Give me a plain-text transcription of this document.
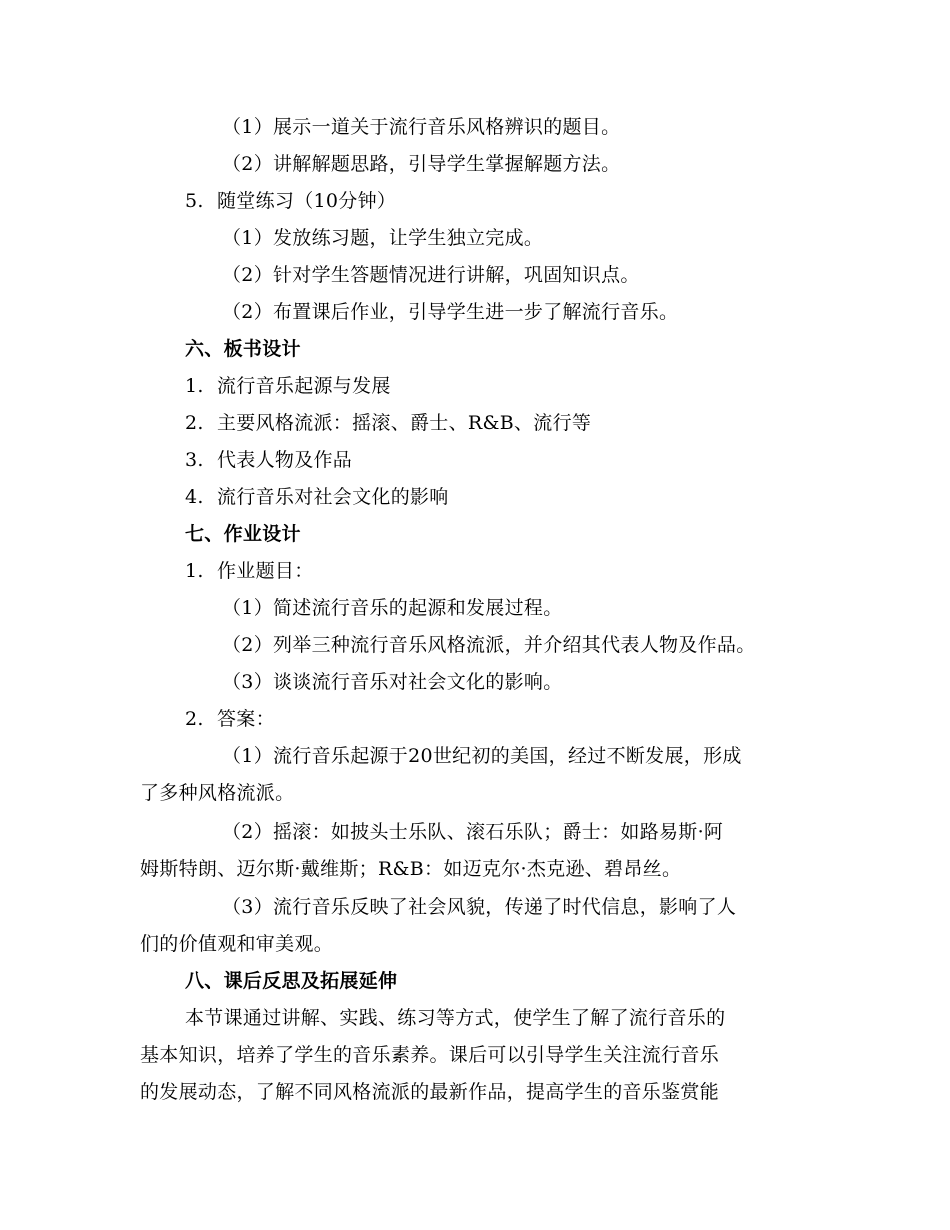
（1）展示一道关于流行音乐风格辨识的题目。
（2）讲解解题思路，引导学生掌握解题方法。
5. 随堂练习（10分钟）
（1）发放练习题，让学生独立完成。
（2）针对学生答题情况进行讲解，巩固知识点。
（2）布置课后作业，引导学生进一步了解流行音乐。
六、板书设计
1. 流行音乐起源与发展
2. 主要风格流派：摇滚、爵士、R&B、流行等
3. 代表人物及作品
4. 流行音乐对社会文化的影响
七、作业设计
1. 作业题目：
（1）简述流行音乐的起源和发展过程。
（2）列举三种流行音乐风格流派，并介绍其代表人物及作品。
（3）谈谈流行音乐对社会文化的影响。
2. 答案：
（1）流行音乐起源于20世纪初的美国，经过不断发展，形成
了多种风格流派。
（2）摇滚：如披头士乐队、滚石乐队；爵士：如路易斯·阿
姆斯特朗、迈尔斯·戴维斯；R&B：如迈克尔·杰克逊、碧昂丝。
（3）流行音乐反映了社会风貌，传递了时代信息，影响了人
们的价值观和审美观。
八、课后反思及拓展延伸
本节课通过讲解、实践、练习等方式，使学生了解了流行音乐的
基本知识，培养了学生的音乐素养。课后可以引导学生关注流行音乐
的发展动态，了解不同风格流派的最新作品，提高学生的音乐鉴赏能
